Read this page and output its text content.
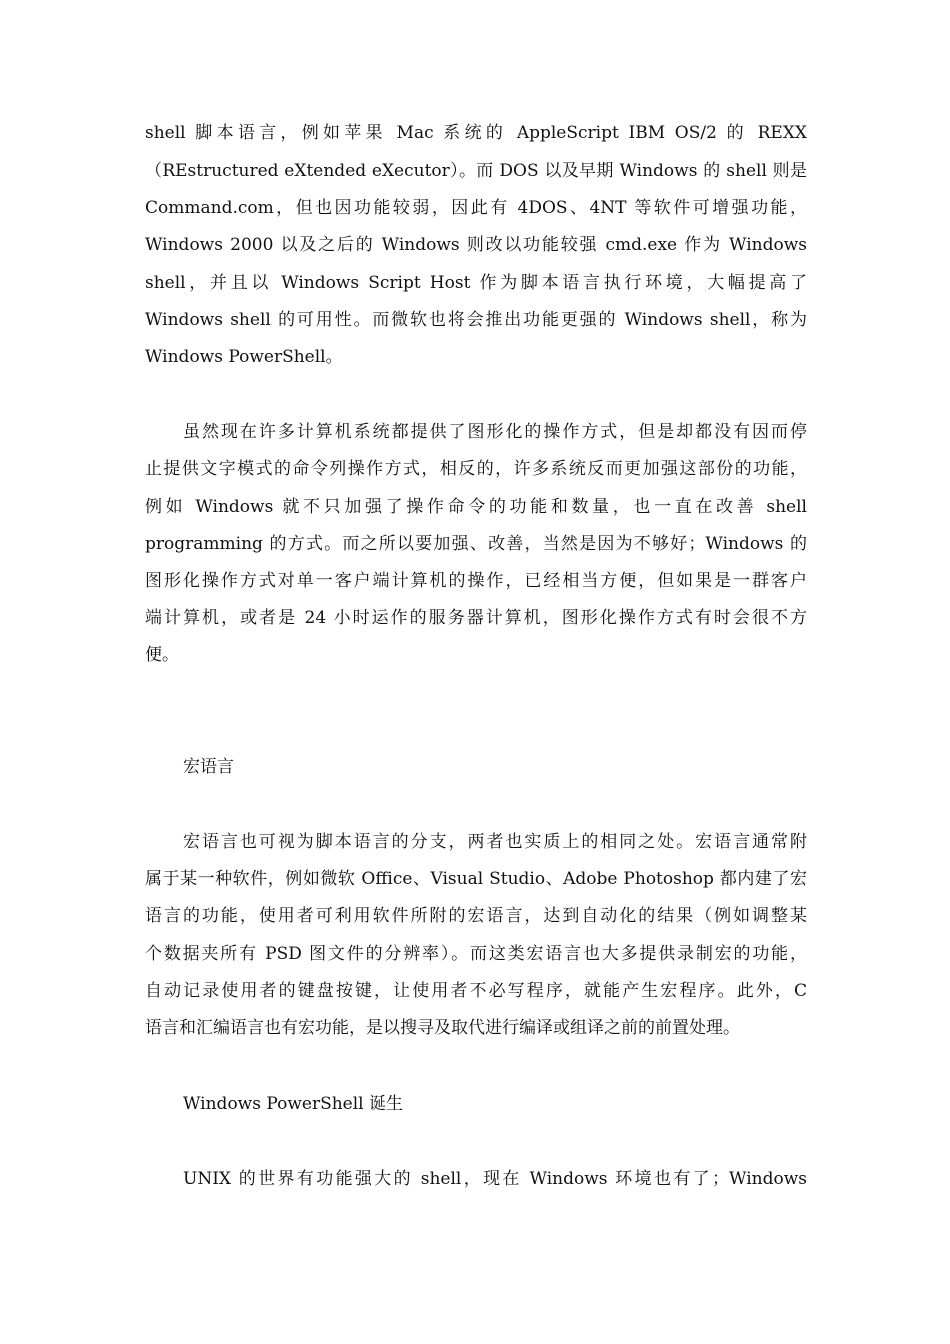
shell 脚本语言，例如苹果 Mac 系统的 AppleScript IBM OS/2 的 REXX
（REstructured eXtended eXecutor）。而 DOS 以及早期 Windows 的 shell 则是
Command.com，但也因功能较弱，因此有 4DOS、4NT 等软件可增强功能，
Windows 2000 以及之后的 Windows 则改以功能较强 cmd.exe 作为 Windows
shell，并且以 Windows Script Host 作为脚本语言执行环境，大幅提高了
Windows shell 的可用性。而微软也将会推出功能更强的 Windows shell，称为
Windows PowerShell。
虽然现在许多计算机系统都提供了图形化的操作方式，但是却都没有因而停
止提供文字模式的命令列操作方式，相反的，许多系统反而更加强这部份的功能，
例如 Windows 就不只加强了操作命令的功能和数量，也一直在改善 shell
programming 的方式。而之所以要加强、改善，当然是因为不够好；Windows 的
图形化操作方式对单一客户端计算机的操作，已经相当方便，但如果是一群客户
端计算机，或者是 24 小时运作的服务器计算机，图形化操作方式有时会很不方
便。
宏语言
宏语言也可视为脚本语言的分支，两者也实质上的相同之处。宏语言通常附
属于某一种软件，例如微软 Office、Visual Studio、Adobe Photoshop 都内建了宏
语言的功能，使用者可利用软件所附的宏语言，达到自动化的结果（例如调整某
个数据夹所有 PSD 图文件的分辨率）。而这类宏语言也大多提供录制宏的功能，
自动记录使用者的键盘按键，让使用者不必写程序，就能产生宏程序。此外，C
语言和汇编语言也有宏功能，是以搜寻及取代进行编译或组译之前的前置处理。
Windows PowerShell 诞生
UNIX 的世界有功能强大的 shell，现在 Windows 环境也有了；Windows
